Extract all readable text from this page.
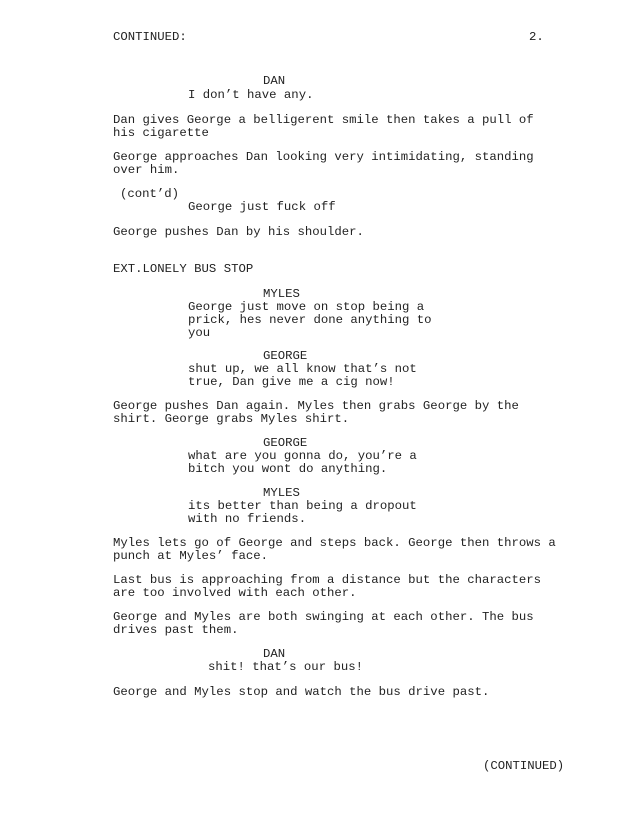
CONTINUED:	2.
DAN
I don’t have any.
Dan gives George a belligerent smile then takes a pull of
his cigarette
George approaches Dan looking very intimidating, standing
over him.
(cont’d)
George just fuck off
George pushes Dan by his shoulder.
EXT.LONELY BUS STOP
MYLES
George just move on stop being a
prick, hes never done anything to
you
GEORGE
shut up, we all know that’s not
true, Dan give me a cig now!
George pushes Dan again. Myles then grabs George by the
shirt. George grabs Myles shirt.
GEORGE
what are you gonna do, you’re a
bitch you wont do anything.
MYLES
its better than being a dropout
with no friends.
Myles lets go of George and steps back. George then throws a
punch at Myles’ face.
Last bus is approaching from a distance but the characters
are too involved with each other.
George and Myles are both swinging at each other. The bus
drives past them.
DAN
shit! that’s our bus!
George and Myles stop and watch the bus drive past.
(CONTINUED)
